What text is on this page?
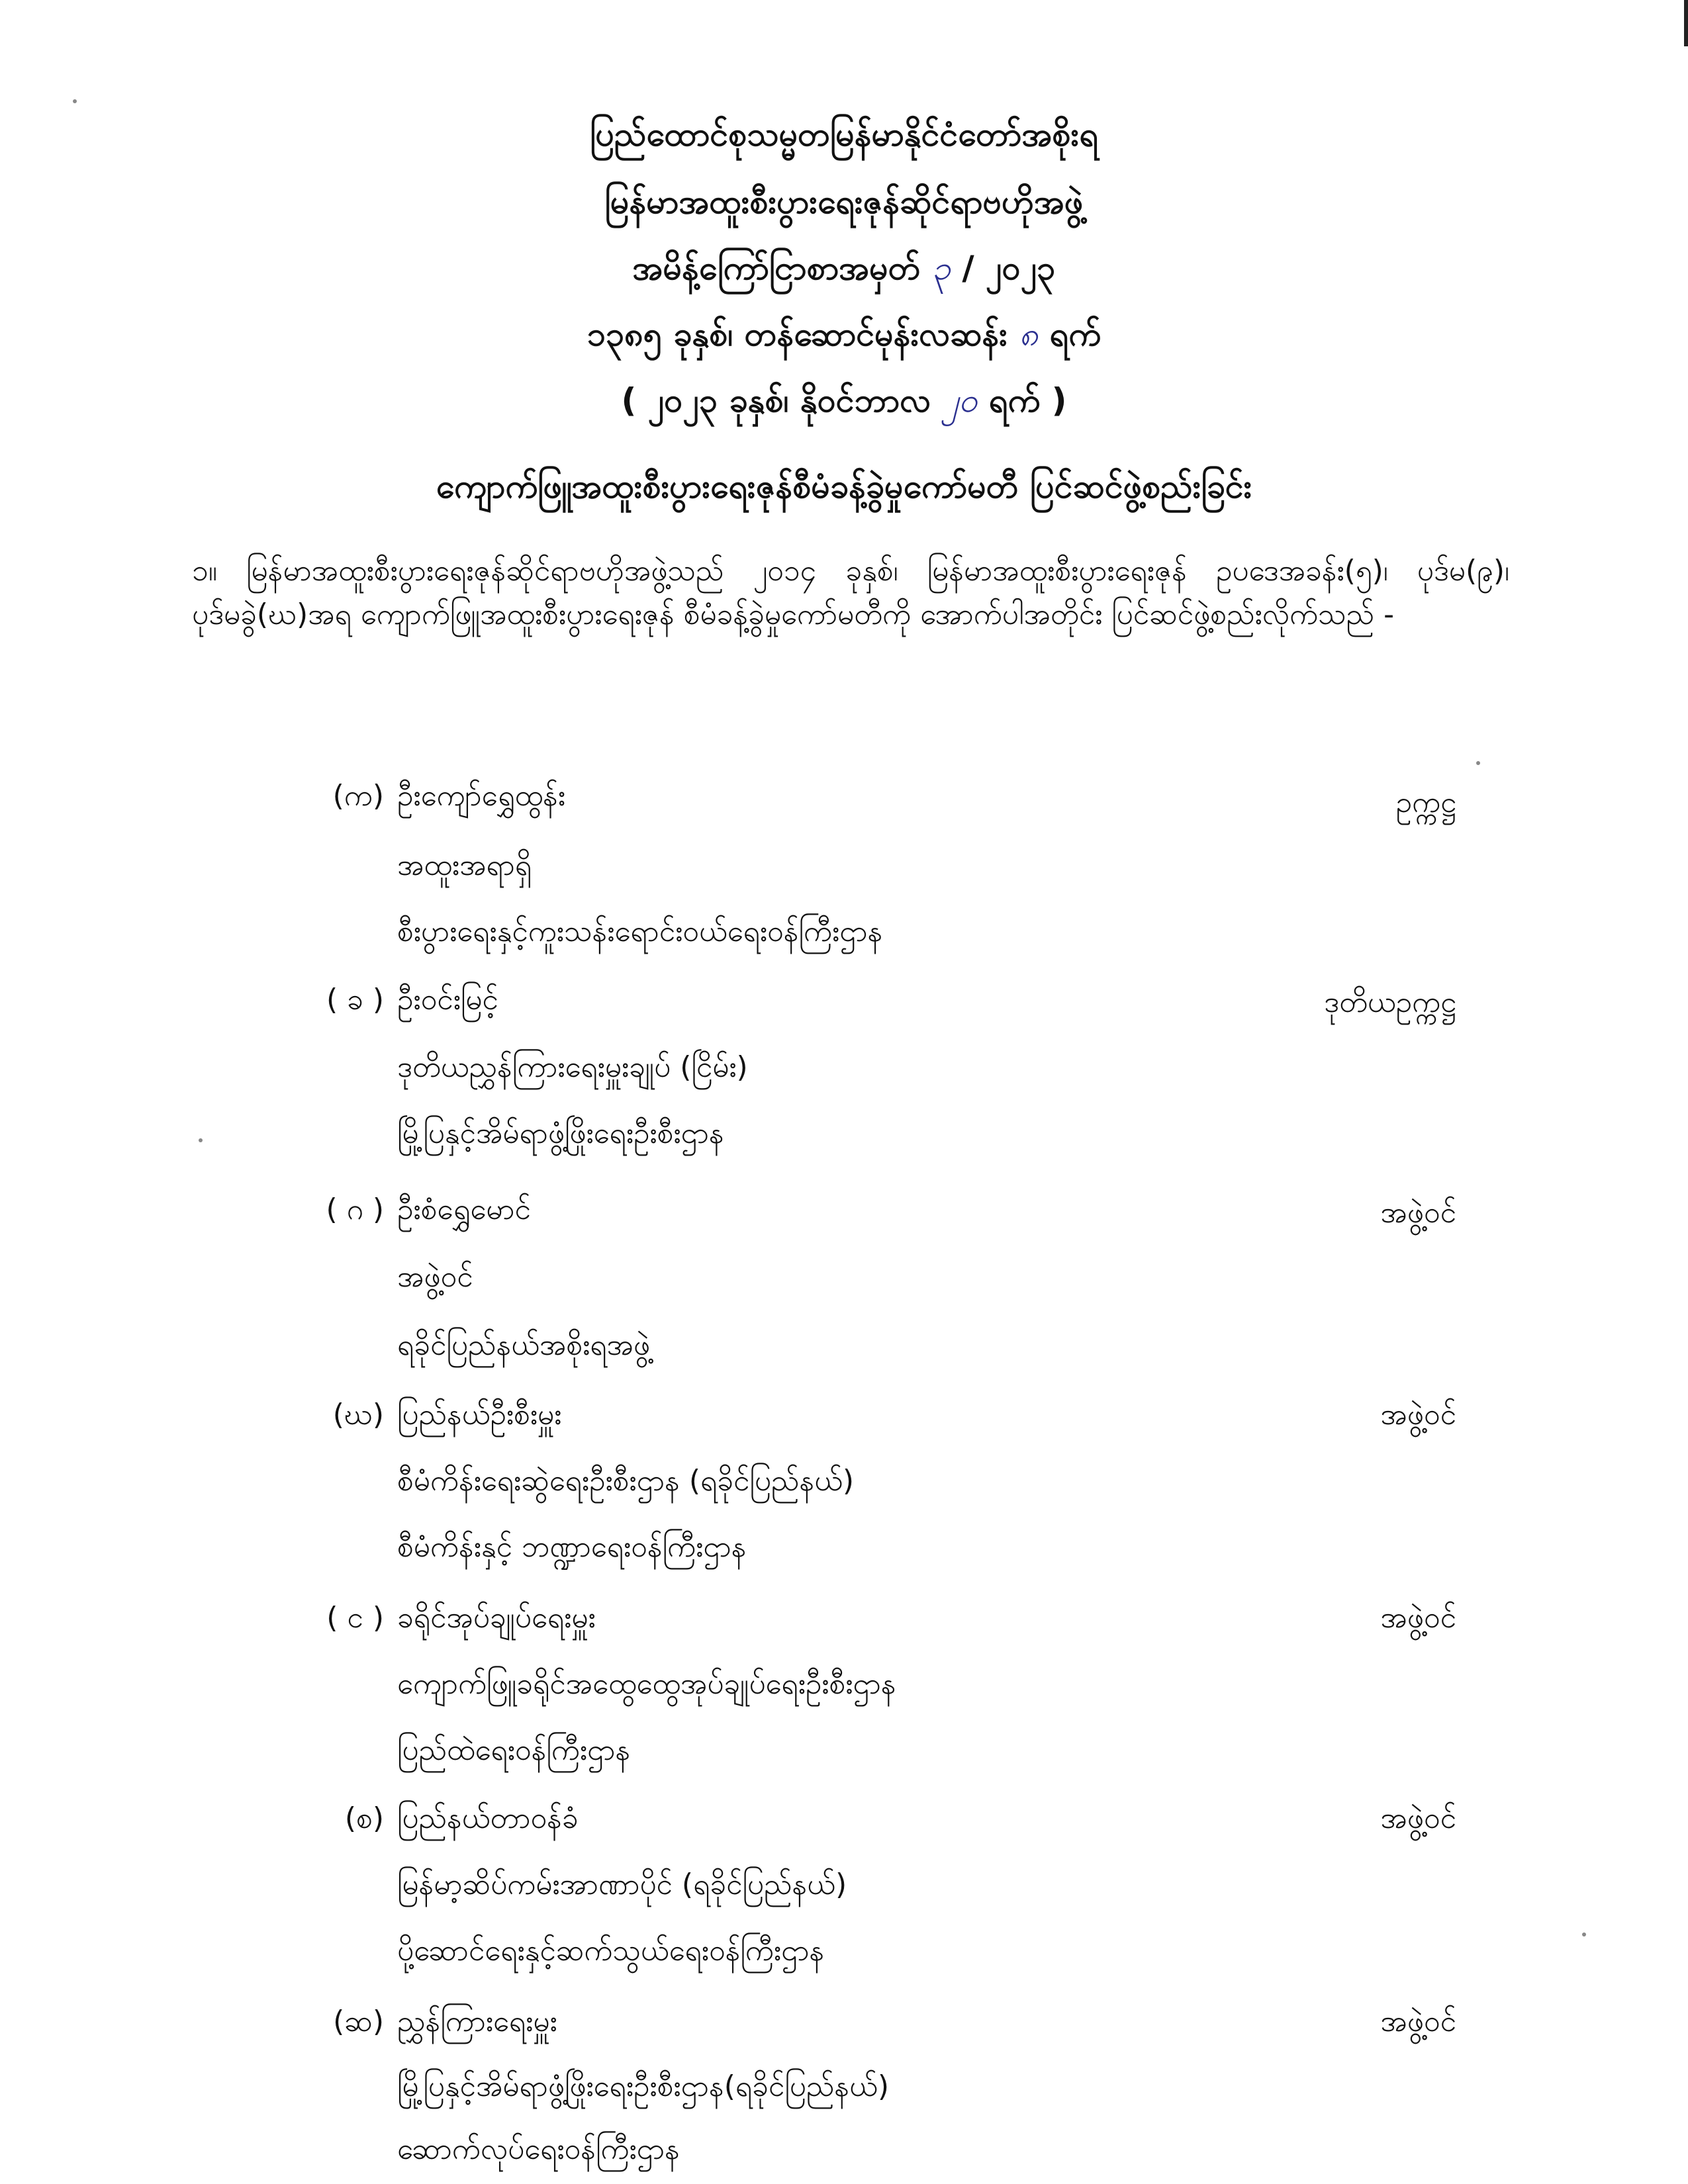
ပြည်ထောင်စုသမ္မတမြန်မာနိုင်ငံတော်အစိုးရ
မြန်မာအထူးစီးပွားရေးဇုန်ဆိုင်ရာဗဟိုအဖွဲ့
အမိန့်ကြော်ငြာစာအမှတ် ၃ / ၂၀၂၃
၁၃၈၅ ခုနှစ်၊ တန်ဆောင်မုန်းလဆန်း ၈ ရက်
( ၂၀၂၃ ခုနှစ်၊ နိုဝင်ဘာလ ၂၀ ရက် )
ကျောက်ဖြူအထူးစီးပွားရေးဇုန်စီမံခန့်ခွဲမှုကော်မတီ ပြင်ဆင်ဖွဲ့စည်းခြင်း
၁။ မြန်မာအထူးစီးပွားရေးဇုန်ဆိုင်ရာဗဟိုအဖွဲ့သည် ၂၀၁၄ ခုနှစ်၊ မြန်မာအထူးစီးပွားရေးဇုန် ဥပဒေအခန်း(၅)၊ ပုဒ်မ(၉)၊ ပုဒ်မခွဲ(ဃ)အရ ကျောက်ဖြူအထူးစီးပွားရေးဇုန် စီမံခန့်ခွဲမှုကော်မတီကို အောက်ပါအတိုင်း ပြင်ဆင်ဖွဲ့စည်းလိုက်သည် -
(က) ဦးကျော်ရွှေထွန်း	ဥက္ကဋ္ဌ
အထူးအရာရှိ
စီးပွားရေးနှင့်ကူးသန်းရောင်းဝယ်ရေးဝန်ကြီးဌာန
( ခ ) ဦးဝင်းမြင့်	ဒုတိယဥက္ကဋ္ဌ
ဒုတိယညွှန်ကြားရေးမှူးချုပ် (ငြိမ်း)
မြို့ပြနှင့်အိမ်ရာဖွံ့ဖြိုးရေးဦးစီးဌာန
( ဂ ) ဦးစံရွှေမောင်	အဖွဲ့ဝင်
အဖွဲ့ဝင်
ရခိုင်ပြည်နယ်အစိုးရအဖွဲ့
(ဃ) ပြည်နယ်ဦးစီးမှူး	အဖွဲ့ဝင်
စီမံကိန်းရေးဆွဲရေးဦးစီးဌာန (ရခိုင်ပြည်နယ်)
စီမံကိန်းနှင့် ဘဏ္ဍာရေးဝန်ကြီးဌာန
( င ) ခရိုင်အုပ်ချုပ်ရေးမှူး	အဖွဲ့ဝင်
ကျောက်ဖြူခရိုင်အထွေထွေအုပ်ချုပ်ရေးဦးစီးဌာန
ပြည်ထဲရေးဝန်ကြီးဌာန
(စ) ပြည်နယ်တာဝန်ခံ	အဖွဲ့ဝင်
မြန်မာ့ဆိပ်ကမ်းအာဏာပိုင် (ရခိုင်ပြည်နယ်)
ပို့ဆောင်ရေးနှင့်ဆက်သွယ်ရေးဝန်ကြီးဌာန
(ဆ) ညွှန်ကြားရေးမှူး	အဖွဲ့ဝင်
မြို့ပြနှင့်အိမ်ရာဖွံ့ဖြိုးရေးဦးစီးဌာန(ရခိုင်ပြည်နယ်)
ဆောက်လုပ်ရေးဝန်ကြီးဌာန
